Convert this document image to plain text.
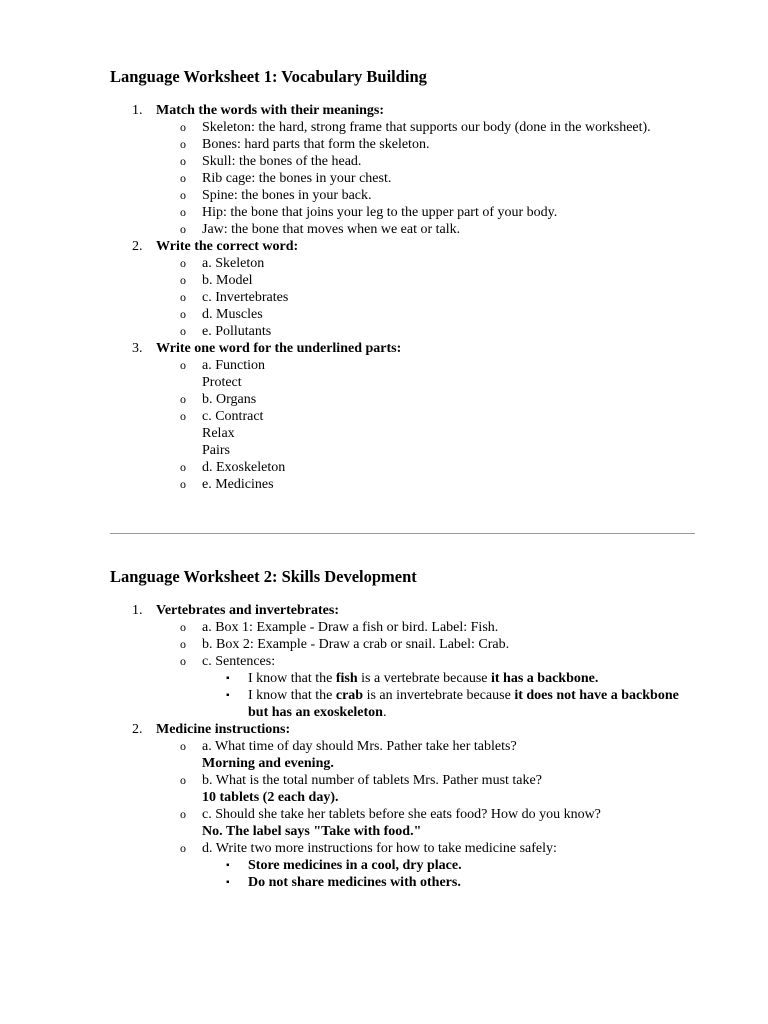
Language Worksheet 1: Vocabulary Building
1. Match the words with their meanings:
o Skeleton: the hard, strong frame that supports our body (done in the worksheet).
o Bones: hard parts that form the skeleton.
o Skull: the bones of the head.
o Rib cage: the bones in your chest.
o Spine: the bones in your back.
o Hip: the bone that joins your leg to the upper part of your body.
o Jaw: the bone that moves when we eat or talk.
2. Write the correct word:
o a. Skeleton
o b. Model
o c. Invertebrates
o d. Muscles
o e. Pollutants
3. Write one word for the underlined parts:
o a. Function
Protect
o b. Organs
o c. Contract
Relax
Pairs
o d. Exoskeleton
o e. Medicines
Language Worksheet 2: Skills Development
1. Vertebrates and invertebrates:
o a. Box 1: Example - Draw a fish or bird. Label: Fish.
o b. Box 2: Example - Draw a crab or snail. Label: Crab.
o c. Sentences:
▪ I know that the fish is a vertebrate because it has a backbone.
▪ I know that the crab is an invertebrate because it does not have a backbone but has an exoskeleton.
2. Medicine instructions:
o a. What time of day should Mrs. Pather take her tablets?
Morning and evening.
o b. What is the total number of tablets Mrs. Pather must take?
10 tablets (2 each day).
o c. Should she take her tablets before she eats food? How do you know?
No. The label says "Take with food."
o d. Write two more instructions for how to take medicine safely:
▪ Store medicines in a cool, dry place.
▪ Do not share medicines with others.
